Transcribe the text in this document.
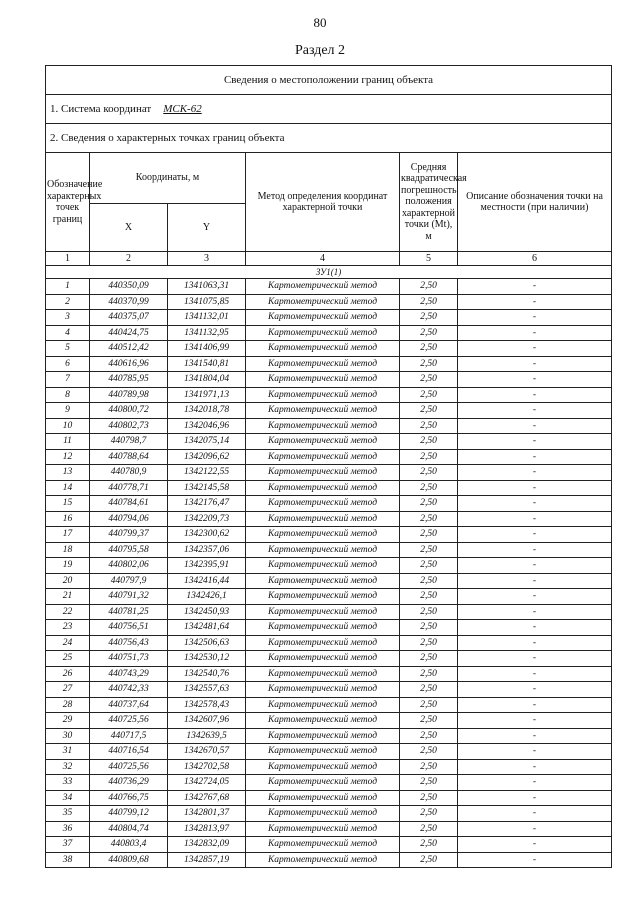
80
Раздел 2
Сведения о местоположении границ объекта					
1. Система координат МСК-62					
2. Сведения о характерных точках границ объекта					
Обозначение характерных точек границ	Координаты, м		Метод определения координат характерной точки	Средняя квадратическая погрешность положения характерной точки (Mt), м	Описание обозначения точки на местности (при наличии)
	X	Y			
1	2	3	4	5	6
ЗУ1(1)					
1	440350,09	1341063,31	Картометрический метод	2,50	-
2	440370,99	1341075,85	Картометрический метод	2,50	-
3	440375,07	1341132,01	Картометрический метод	2,50	-
4	440424,75	1341132,95	Картометрический метод	2,50	-
5	440512,42	1341406,99	Картометрический метод	2,50	-
6	440616,96	1341540,81	Картометрический метод	2,50	-
7	440785,95	1341804,04	Картометрический метод	2,50	-
8	440789,98	1341971,13	Картометрический метод	2,50	-
9	440800,72	1342018,78	Картометрический метод	2,50	-
10	440802,73	1342046,96	Картометрический метод	2,50	-
11	440798,7	1342075,14	Картометрический метод	2,50	-
12	440788,64	1342096,62	Картометрический метод	2,50	-
13	440780,9	1342122,55	Картометрический метод	2,50	-
14	440778,71	1342145,58	Картометрический метод	2,50	-
15	440784,61	1342176,47	Картометрический метод	2,50	-
16	440794,06	1342209,73	Картометрический метод	2,50	-
17	440799,37	1342300,62	Картометрический метод	2,50	-
18	440795,58	1342357,06	Картометрический метод	2,50	-
19	440802,06	1342395,91	Картометрический метод	2,50	-
20	440797,9	1342416,44	Картометрический метод	2,50	-
21	440791,32	1342426,1	Картометрический метод	2,50	-
22	440781,25	1342450,93	Картометрический метод	2,50	-
23	440756,51	1342481,64	Картометрический метод	2,50	-
24	440756,43	1342506,63	Картометрический метод	2,50	-
25	440751,73	1342530,12	Картометрический метод	2,50	-
26	440743,29	1342540,76	Картометрический метод	2,50	-
27	440742,33	1342557,63	Картометрический метод	2,50	-
28	440737,64	1342578,43	Картометрический метод	2,50	-
29	440725,56	1342607,96	Картометрический метод	2,50	-
30	440717,5	1342639,5	Картометрический метод	2,50	-
31	440716,54	1342670,57	Картометрический метод	2,50	-
32	440725,56	1342702,58	Картометрический метод	2,50	-
33	440736,29	1342724,05	Картометрический метод	2,50	-
34	440766,75	1342767,68	Картометрический метод	2,50	-
35	440799,12	1342801,37	Картометрический метод	2,50	-
36	440804,74	1342813,97	Картометрический метод	2,50	-
37	440803,4	1342832,09	Картометрический метод	2,50	-
38	440809,68	1342857,19	Картометрический метод	2,50	-
